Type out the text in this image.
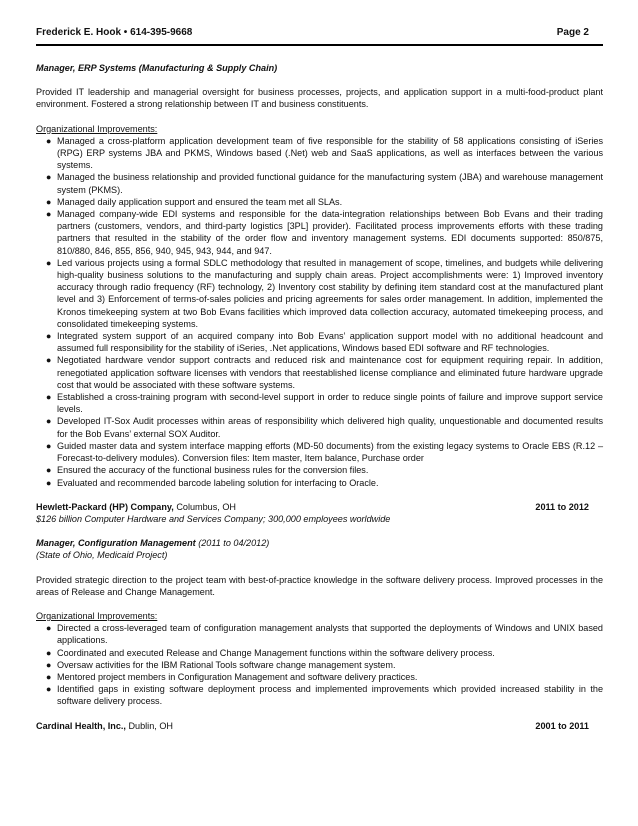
Frederick E. Hook • 614-395-9668	Page 2

Manager, ERP Systems (Manufacturing & Supply Chain)

Provided IT leadership and managerial oversight for business processes, projects, and application support in a multi-food-product plant environment. Fostered a strong relationship between IT and business constituents.

Organizational Improvements:

● Managed a cross-platform application development team of five responsible for the stability of 58 applications consisting of iSeries (RPG) ERP systems JBA and PKMS, Windows based (.Net) web and SaaS applications, as well as interfaces between the various systems.
● Managed the business relationship and provided functional guidance for the manufacturing system (JBA) and warehouse management system (PKMS).
● Managed daily application support and ensured the team met all SLAs.
● Managed company-wide EDI systems and responsible for the data-integration relationships between Bob Evans and their trading partners (customers, vendors, and third-party logistics [3PL] provider). Facilitated process improvements efforts with these trading partners that resulted in the stability of the order flow and inventory management systems. EDI documents supported: 850/875, 810/880, 846, 855, 856, 940, 945, 943, 944, and 947.
● Led various projects using a formal SDLC methodology that resulted in management of scope, timelines, and budgets while delivering high-quality business solutions to the manufacturing and supply chain areas. Project accomplishments were: 1) Improved inventory accuracy through radio frequency (RF) technology, 2) Inventory cost stability by defining item standard cost at the manufactured plant level and 3) Enforcement of terms-of-sales policies and pricing agreements for sales order management. In addition, implemented the Kronos timekeeping system at two Bob Evans facilities which improved data collection accuracy, automated timekeeping process, and consolidated timekeeping systems.
● Integrated system support of an acquired company into Bob Evans’ application support model with no additional headcount and assumed full responsibility for the stability of iSeries, .Net applications, Windows based EDI software and RF technologies.
● Negotiated hardware vendor support contracts and reduced risk and maintenance cost for equipment requiring repair. In addition, renegotiated application software licenses with vendors that reestablished license compliance and eliminated future hardware upgrade cost that would be associated with these software systems.
● Established a cross-training program with second-level support in order to reduce single points of failure and improve support service levels.
● Developed IT-Sox Audit processes within areas of responsibility which delivered high quality, unquestionable and documented results for the Bob Evans’ external SOX Auditor.
● Guided master data and system interface mapping efforts (MD-50 documents) from the existing legacy systems to Oracle EBS (R.12 – Forecast-to-delivery modules). Conversion files: Item master, Item balance, Purchase order
● Ensured the accuracy of the functional business rules for the conversion files.
● Evaluated and recommended barcode labeling solution for interfacing to Oracle.
Hewlett-Packard (HP) Company, Columbus, OH	2011 to 2012

$126 billion Computer Hardware and Services Company; 300,000 employees worldwide

Manager, Configuration Management (2011 to 04/2012)

(State of Ohio, Medicaid Project)

Provided strategic direction to the project team with best-of-practice knowledge in the software delivery process. Improved processes in the areas of Release and Change Management.

Organizational Improvements:

● Directed a cross-leveraged team of configuration management analysts that supported the deployments of Windows and UNIX based applications.
● Coordinated and executed Release and Change Management functions within the software delivery process.
● Oversaw activities for the IBM Rational Tools software change management system.
● Mentored project members in Configuration Management and software delivery practices.
● Identified gaps in existing software deployment process and implemented improvements which provided increased stability in the software delivery process.
Cardinal Health, Inc., Dublin, OH	2001 to 2011
